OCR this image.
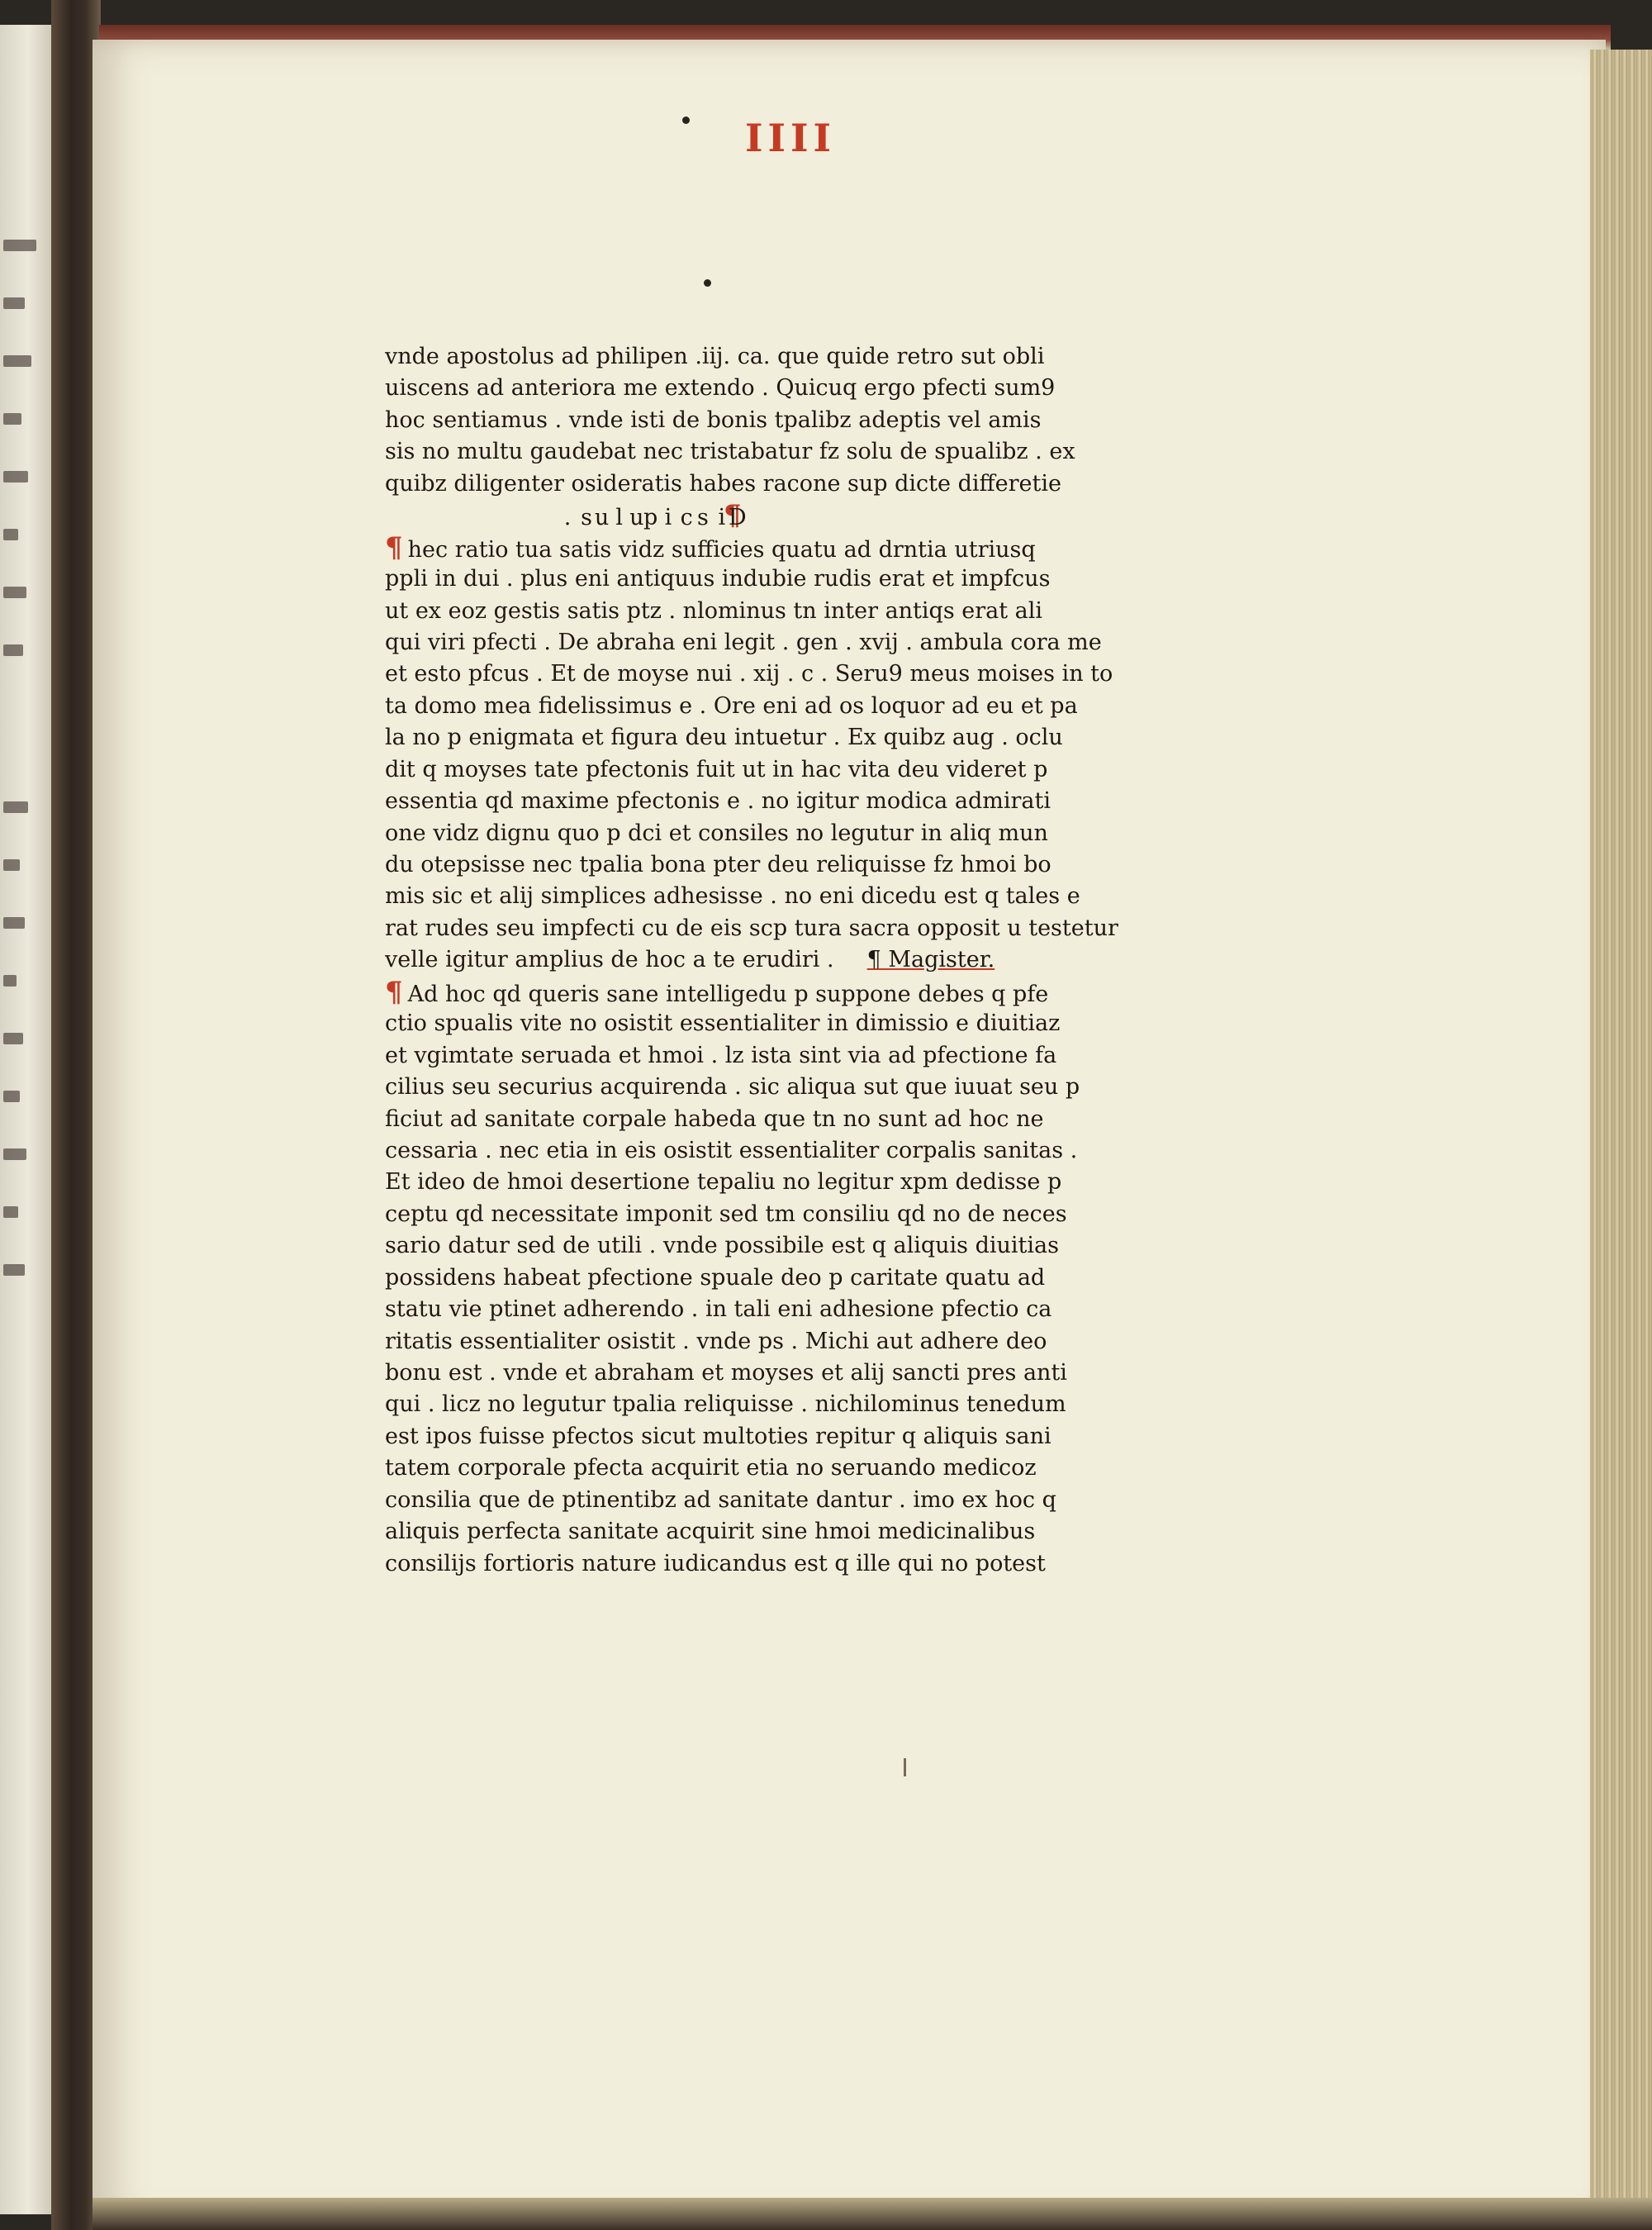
IIII
vnde apostolus ad philipen .iij. ca. que quide retro sut obli
uiscens ad anteriora me extendo . Quicuq ergo pfecti sum9
hoc sentiamus . vnde isti de bonis tpalibz adeptis vel amis
sis no multu gaudebat nec tristabatur fz solu de spualibz . ex
quibz diligenter osideratis habes racone sup dicte differetie
¶ hec ratio tua satis vidz sufficies quatu ad drntia utriusq
ppli in dui . plus eni antiquus indubie rudis erat et impfcus
ut ex eoz gestis satis ptz . nlominus tn inter antiqs erat ali
qui viri pfecti . De abraha eni legit . gen . xvij . ambula cora me
et esto pfcus . Et de moyse nui . xij . c . Seru9 meus moises in to
ta domo mea fidelissimus e . Ore eni ad os loquor ad eu et pa
la no p enigmata et figura deu intuetur . Ex quibz aug . oclu
dit q moyses tate pfectonis fuit ut in hac vita deu videret p
essentia qd maxime pfectonis e . no igitur modica admirati
one vidz dignu quo p dci et consiles no legutur in aliq mun
du otepsisse nec tpalia bona pter deu reliquisse fz hmoi bo
mis sic et alij simplices adhesisse . no eni dicedu est q tales e
rat rudes seu impfecti cu de eis scp tura sacra opposit u testetur
velle igitur amplius de hoc a te erudiri . ¶ Magister.
¶ Ad hoc qd queris sane intelligedu p suppone debes q pfe
ctio spualis vite no osistit essentialiter in dimissio e diuitiaz
et vgimtate seruada et hmoi . lz ista sint via ad pfectione fa
cilius seu securius acquirenda . sic aliqua sut que iuuat seu p
ficiut ad sanitate corpale habeda que tn no sunt ad hoc ne
cessaria . nec etia in eis osistit essentialiter corpalis sanitas .
Et ideo de hmoi desertione tepaliu no legitur xpm dedisse p
ceptu qd necessitate imponit sed tm consiliu qd no de neces
sario datur sed de utili . vnde possibile est q aliquis diuitias
possidens habeat pfectione spuale deo p caritate quatu ad
statu vie ptinet adherendo . in tali eni adhesione pfectio ca
ritatis essentialiter osistit . vnde ps . Michi aut adhere deo
bonu est . vnde et abraham et moyses et alij sancti pres anti
qui . licz no legutur tpalia reliquisse . nichilominus tenedum
est ipos fuisse pfectos sicut multoties repitur q aliquis sani
tatem corporale pfecta acquirit etia no seruando medicoz
consilia que de ptinentibz ad sanitate dantur . imo ex hoc q
aliquis perfecta sanitate acquirit sine hmoi medicinalibus
consilijs fortioris nature iudicandus est q ille qui no potest
